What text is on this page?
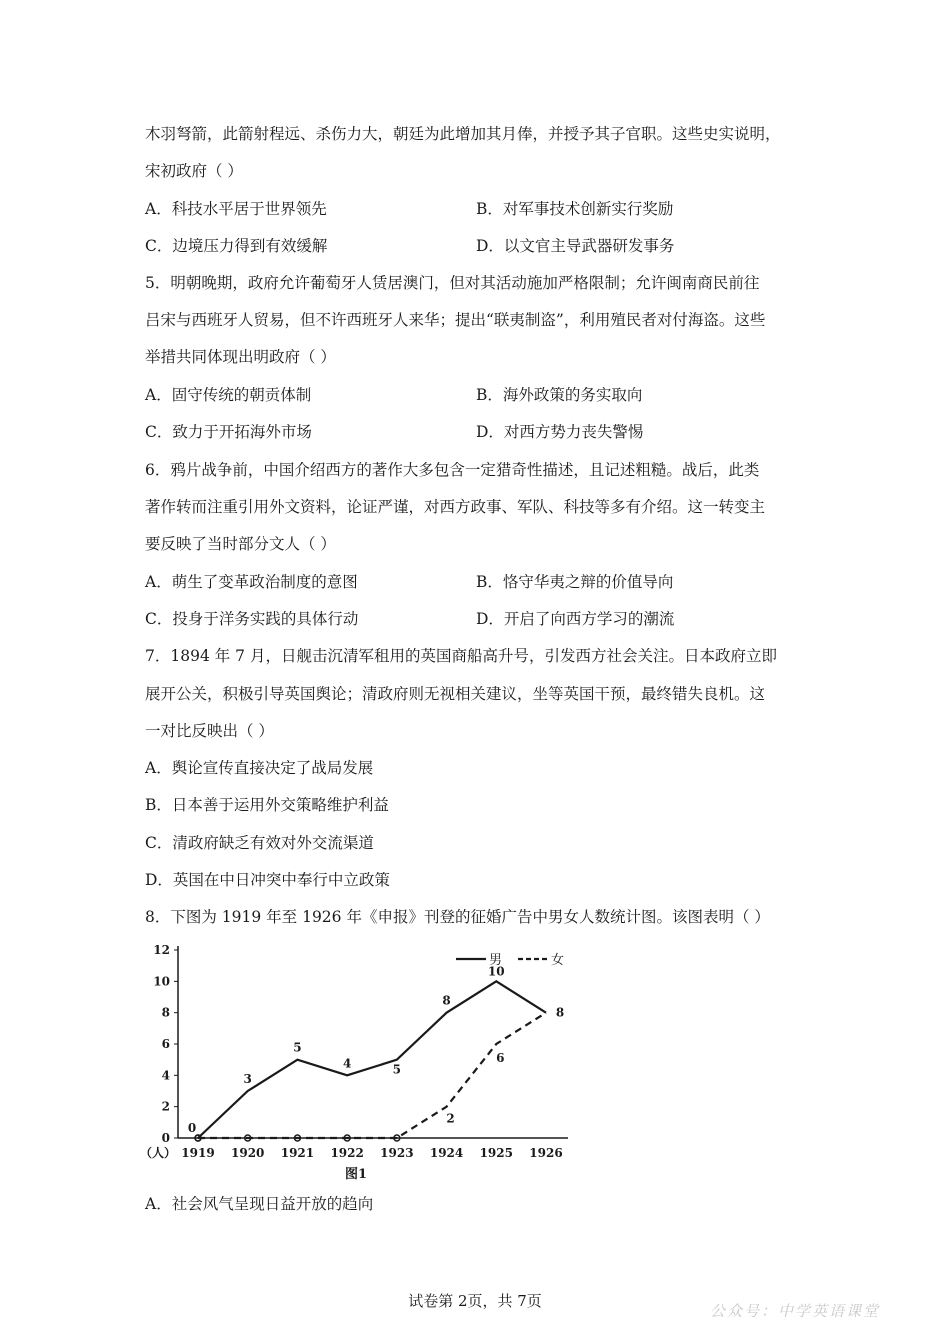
木羽弩箭，此箭射程远、杀伤力大，朝廷为此增加其月俸，并授予其子官职。这些史实说明，
宋初政府（ ）
A．科技水平居于世界领先	B．对军事技术创新实行奖励
C．边境压力得到有效缓解	D．以文官主导武器研发事务
5．明朝晚期，政府允许葡萄牙人赁居澳门，但对其活动施加严格限制；允许闽南商民前往
吕宋与西班牙人贸易，但不许西班牙人来华；提出“联夷制盗”，利用殖民者对付海盗。这些
举措共同体现出明政府（ ）
A．固守传统的朝贡体制	B．海外政策的务实取向
C．致力于开拓海外市场	D．对西方势力丧失警惕
6．鸦片战争前，中国介绍西方的著作大多包含一定猎奇性描述，且记述粗糙。战后，此类
著作转而注重引用外文资料，论证严谨，对西方政事、军队、科技等多有介绍。这一转变主
要反映了当时部分文人（ ）
A．萌生了变革政治制度的意图	B．恪守华夷之辩的价值导向
C．投身于洋务实践的具体行动	D．开启了向西方学习的潮流
7．1894 年 7 月，日舰击沉清军租用的英国商船高升号，引发西方社会关注。日本政府立即
展开公关，积极引导英国舆论；清政府则无视相关建议，坐等英国干预，最终错失良机。这
一对比反映出（ ）
A．舆论宣传直接决定了战局发展
B．日本善于运用外交策略维护利益
C．清政府缺乏有效对外交流渠道
D．英国在中日冲突中奉行中立政策
8．下图为 1919 年至 1926 年《申报》刊登的征婚广告中男女人数统计图。该图表明（ ）
0
2
4
6
8
10
12
1919 1920 1921 1922 1923 1924 1925 1926
0
3
5
4	5
8
10
8
2
6
男	女
（人）
图1
A．社会风气呈现日益开放的趋向
试卷第 2页，共 7页
公众号：中学英语课堂
